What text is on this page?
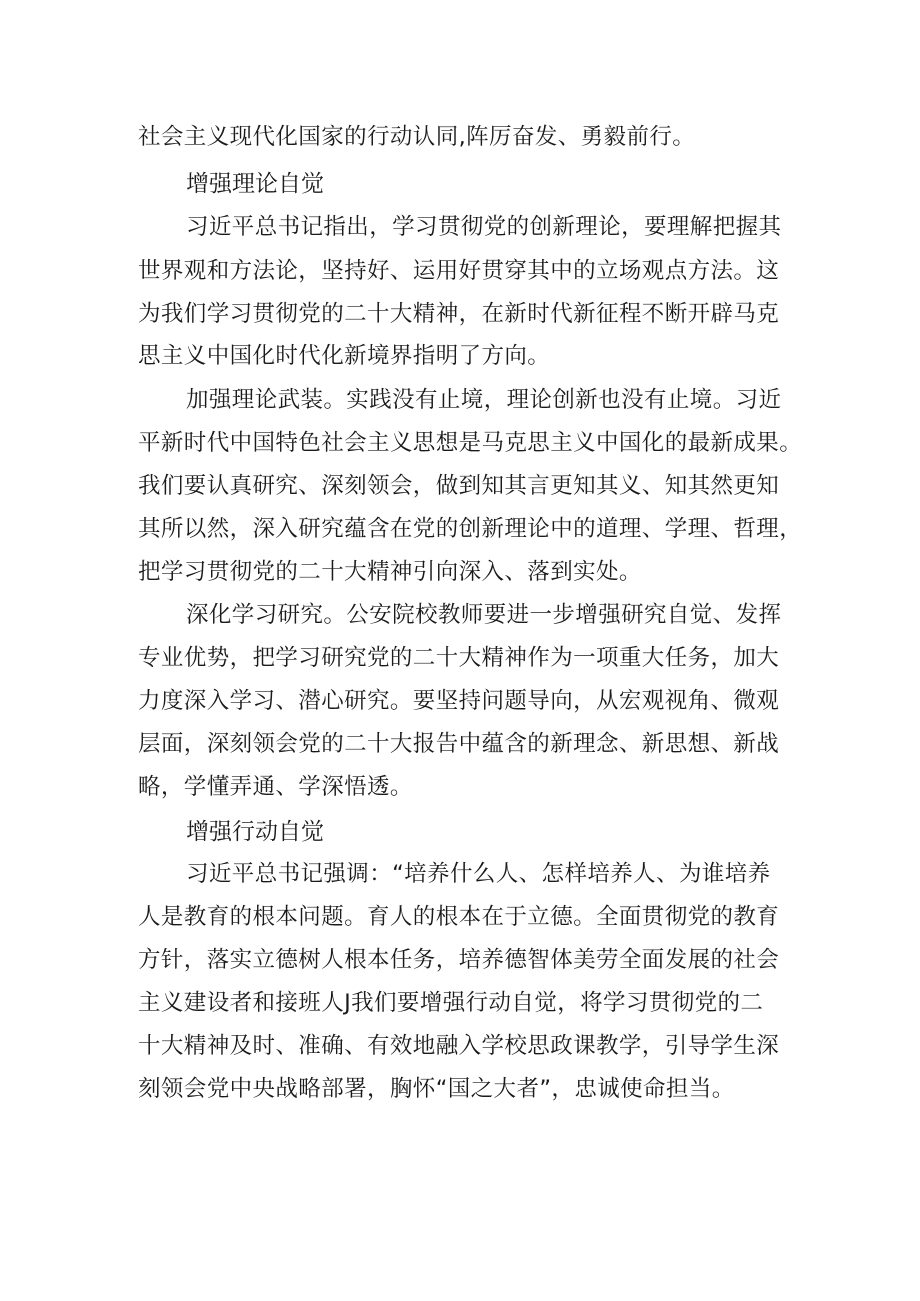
社会主义现代化国家的行动认同,阵厉奋发、勇毅前行。
增强理论自觉
习近平总书记指出，学习贯彻党的创新理论，要理解把握其
世界观和方法论，坚持好、运用好贯穿其中的立场观点方法。这
为我们学习贯彻党的二十大精神，在新时代新征程不断开辟马克
思主义中国化时代化新境界指明了方向。
加强理论武装。实践没有止境，理论创新也没有止境。习近
平新时代中国特色社会主义思想是马克思主义中国化的最新成果。
我们要认真研究、深刻领会，做到知其言更知其义、知其然更知
其所以然，深入研究蕴含在党的创新理论中的道理、学理、哲理，
把学习贯彻党的二十大精神引向深入、落到实处。
深化学习研究。公安院校教师要进一步增强研究自觉、发挥
专业优势，把学习研究党的二十大精神作为一项重大任务，加大
力度深入学习、潜心研究。要坚持问题导向，从宏观视角、微观
层面，深刻领会党的二十大报告中蕴含的新理念、新思想、新战
略，学懂弄通、学深悟透。
增强行动自觉
习近平总书记强调：“培养什么人、怎样培养人、为谁培养
人是教育的根本问题。育人的根本在于立德。全面贯彻党的教育
方针，落实立德树人根本任务，培养德智体美劳全面发展的社会
主义建设者和接班人J我们要增强行动自觉，将学习贯彻党的二
十大精神及时、准确、有效地融入学校思政课教学，引导学生深
刻领会党中央战略部署，胸怀“国之大者”，忠诚使命担当。
